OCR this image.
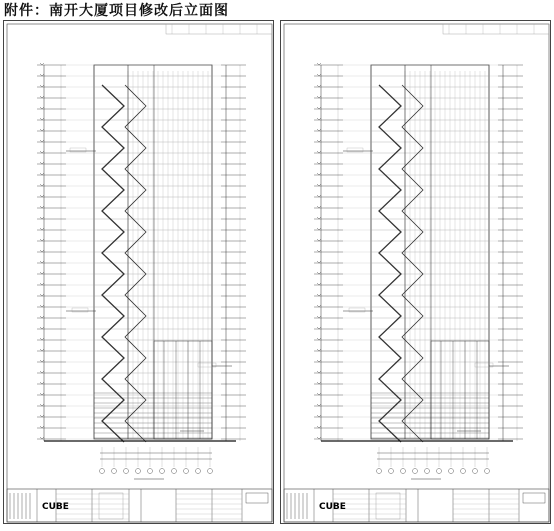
附件：南开大厦项目修改后立面图
CUBE	CUBE
